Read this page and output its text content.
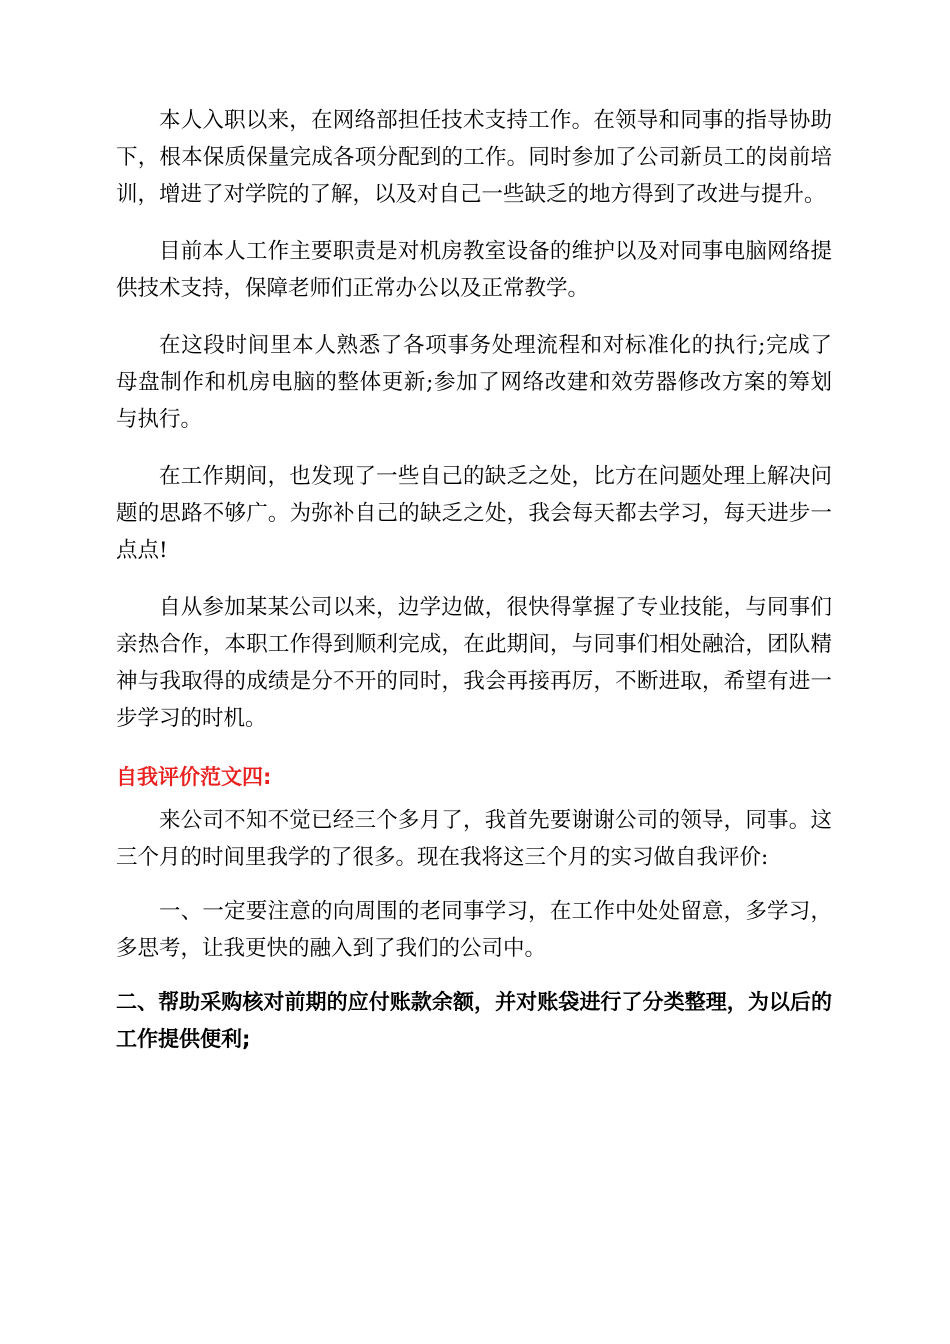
本人入职以来，在网络部担任技术支持工作。在领导和同事的指导协助下，根本保质保量完成各项分配到的工作。同时参加了公司新员工的岗前培训，增进了对学院的了解，以及对自己一些缺乏的地方得到了改进与提升。

目前本人工作主要职责是对机房教室设备的维护以及对同事电脑网络提供技术支持，保障老师们正常办公以及正常教学。

在这段时间里本人熟悉了各项事务处理流程和对标准化的执行;完成了母盘制作和机房电脑的整体更新;参加了网络改建和效劳器修改方案的筹划与执行。

在工作期间，也发现了一些自己的缺乏之处，比方在问题处理上解决问题的思路不够广。为弥补自己的缺乏之处，我会每天都去学习，每天进步一点点!

自从参加某某公司以来，边学边做，很快得掌握了专业技能，与同事们亲热合作，本职工作得到顺利完成，在此期间，与同事们相处融洽，团队精神与我取得的成绩是分不开的同时，我会再接再厉，不断进取，希望有进一步学习的时机。

自我评价范文四:

来公司不知不觉已经三个多月了，我首先要谢谢公司的领导，同事。这三个月的时间里我学的了很多。现在我将这三个月的实习做自我评价:

一、一定要注意的向周围的老同事学习，在工作中处处留意，多学习，多思考，让我更快的融入到了我们的公司中。

二、帮助采购核对前期的应付账款余额，并对账袋进行了分类整理，为以后的工作提供便利;
